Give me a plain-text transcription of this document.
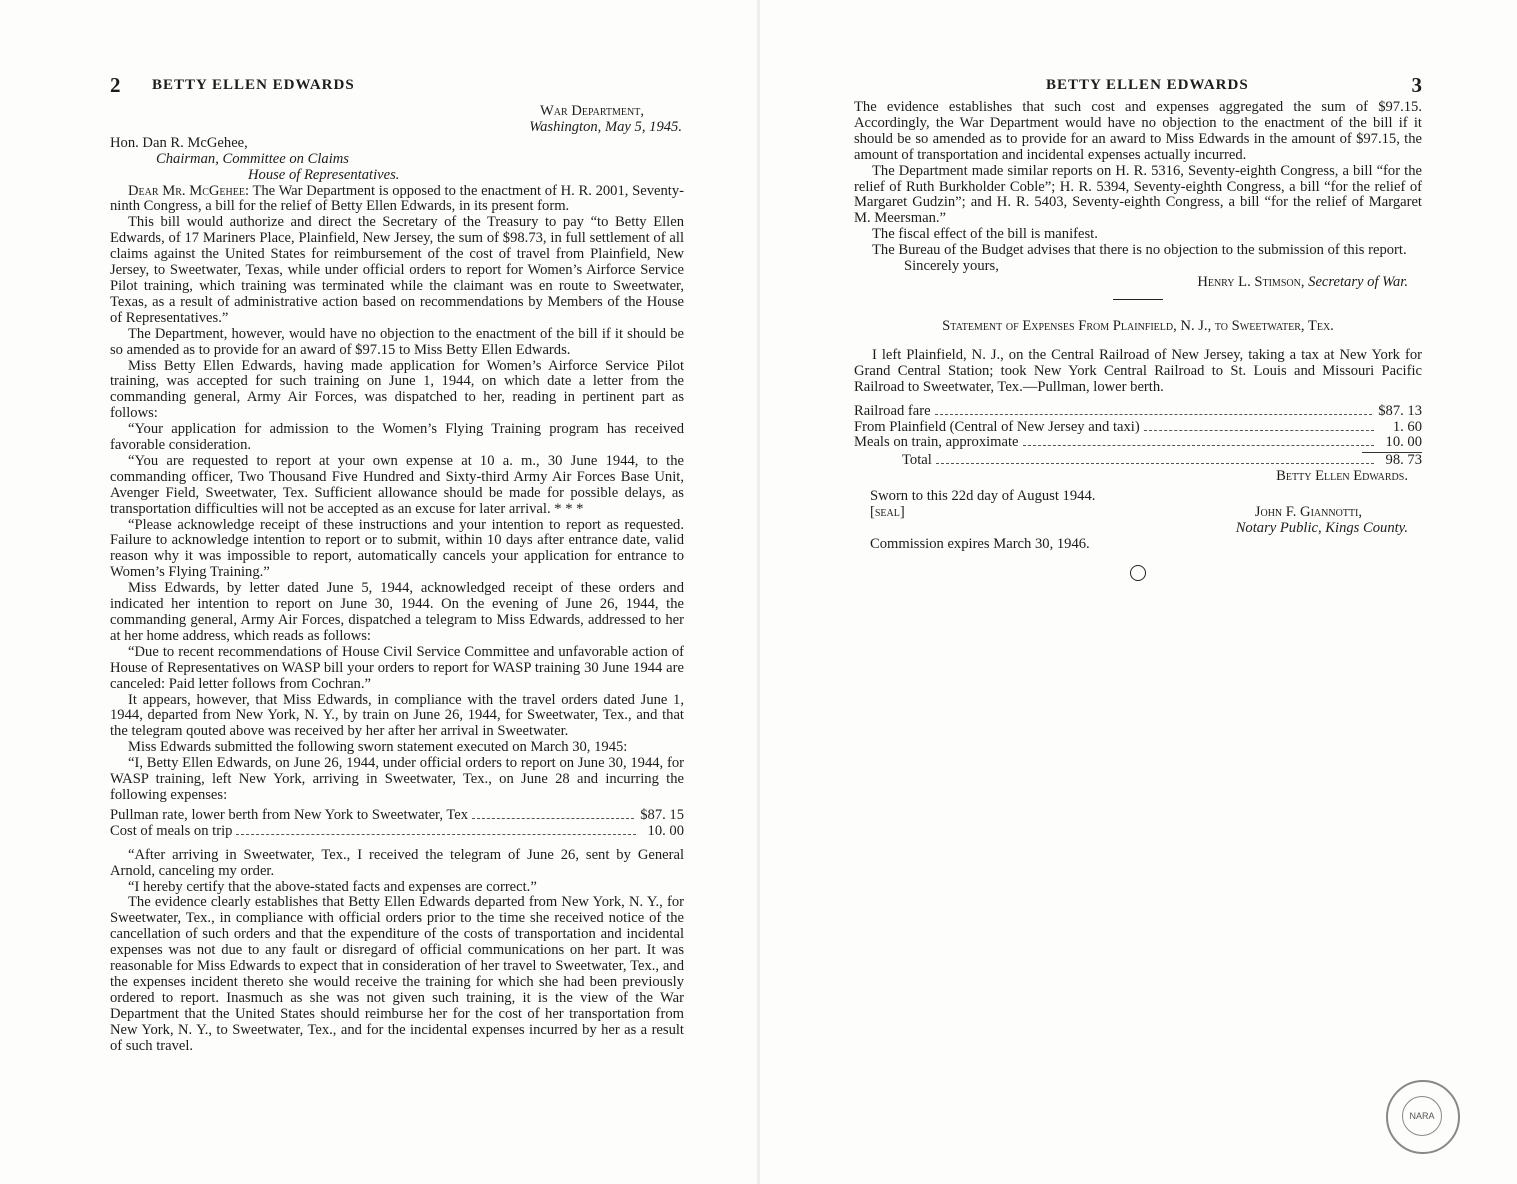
2 BETTY ELLEN EDWARDS

War Department,

Washington, May 5, 1945.

Hon. Dan R. McGehee,

Chairman, Committee on Claims

House of Representatives.

Dear Mr. McGehee: The War Department is opposed to the enactment of H. R. 2001, Seventy-ninth Congress, a bill for the relief of Betty Ellen Edwards, in its present form.

This bill would authorize and direct the Secretary of the Treasury to pay “to Betty Ellen Edwards, of 17 Mariners Place, Plainfield, New Jersey, the sum of $98.73, in full settlement of all claims against the United States for reimbursement of the cost of travel from Plainfield, New Jersey, to Sweetwater, Texas, while under official orders to report for Women’s Airforce Service Pilot training, which training was terminated while the claimant was en route to Sweetwater, Texas, as a result of administrative action based on recommendations by Members of the House of Representatives.”

The Department, however, would have no objection to the enactment of the bill if it should be so amended as to provide for an award of $97.15 to Miss Betty Ellen Edwards.

Miss Betty Ellen Edwards, having made application for Women’s Airforce Service Pilot training, was accepted for such training on June 1, 1944, on which date a letter from the commanding general, Army Air Forces, was dispatched to her, reading in pertinent part as follows:

“Your application for admission to the Women’s Flying Training program has received favorable consideration.

“You are requested to report at your own expense at 10 a. m., 30 June 1944, to the commanding officer, Two Thousand Five Hundred and Sixty-third Army Air Forces Base Unit, Avenger Field, Sweetwater, Tex. Sufficient allowance should be made for possible delays, as transportation difficulties will not be accepted as an excuse for later arrival. * * *

“Please acknowledge receipt of these instructions and your intention to report as requested. Failure to acknowledge intention to report or to submit, within 10 days after entrance date, valid reason why it was impossible to report, automatically cancels your application for entrance to Women’s Flying Training.”

Miss Edwards, by letter dated June 5, 1944, acknowledged receipt of these orders and indicated her intention to report on June 30, 1944. On the evening of June 26, 1944, the commanding general, Army Air Forces, dispatched a telegram to Miss Edwards, addressed to her at her home address, which reads as follows:

“Due to recent recommendations of House Civil Service Committee and unfavorable action of House of Representatives on WASP bill your orders to report for WASP training 30 June 1944 are canceled: Paid letter follows from Cochran.”

It appears, however, that Miss Edwards, in compliance with the travel orders dated June 1, 1944, departed from New York, N. Y., by train on June 26, 1944, for Sweetwater, Tex., and that the telegram qouted above was received by her after her arrival in Sweetwater.

Miss Edwards submitted the following sworn statement executed on March 30, 1945:

“I, Betty Ellen Edwards, on June 26, 1944, under official orders to report on June 30, 1944, for WASP training, left New York, arriving in Sweetwater, Tex., on June 28 and incurring the following expenses:

Pullman rate, lower berth from New York to Sweetwater, Tex	$87. 15
Cost of meals on trip	10. 00

“After arriving in Sweetwater, Tex., I received the telegram of June 26, sent by General Arnold, canceling my order.

“I hereby certify that the above-stated facts and expenses are correct.”

The evidence clearly establishes that Betty Ellen Edwards departed from New York, N. Y., for Sweetwater, Tex., in compliance with official orders prior to the time she received notice of the cancellation of such orders and that the expenditure of the costs of transportation and incidental expenses was not due to any fault or disregard of official communications on her part. It was reasonable for Miss Edwards to expect that in consideration of her travel to Sweetwater, Tex., and the expenses incident thereto she would receive the training for which she had been previously ordered to report. Inasmuch as she was not given such training, it is the view of the War Department that the United States should reimburse her for the cost of her transportation from New York, N. Y., to Sweetwater, Tex., and for the incidental expenses incurred by her as a result of such travel.

BETTY ELLEN EDWARDS	3

The evidence establishes that such cost and expenses aggregated the sum of $97.15. Accordingly, the War Department would have no objection to the enactment of the bill if it should be so amended as to provide for an award to Miss Edwards in the amount of $97.15, the amount of transportation and incidental expenses actually incurred.

The Department made similar reports on H. R. 5316, Seventy-eighth Congress, a bill “for the relief of Ruth Burkholder Coble”; H. R. 5394, Seventy-eighth Congress, a bill “for the relief of Margaret Gudzin”; and H. R. 5403, Seventy-eighth Congress, a bill “for the relief of Margaret M. Meersman.”

The fiscal effect of the bill is manifest.

The Bureau of the Budget advises that there is no objection to the submission of this report.

Sincerely yours,

Henry L. Stimson, Secretary of War.

Statement of Expenses From Plainfield, N. J., to Sweetwater, Tex.

I left Plainfield, N. J., on the Central Railroad of New Jersey, taking a tax at New York for Grand Central Station; took New York Central Railroad to St. Louis and Missouri Pacific Railroad to Sweetwater, Tex.—Pullman, lower berth.

Railroad fare	$87. 13
From Plainfield (Central of New Jersey and taxi)	1. 60
Meals on train, approximate	10. 00
Total	98. 73

Betty Ellen Edwards.

Sworn to this 22d day of August 1944.
[seal]	John F. Giannotti,

Notary Public, Kings County.

Commission expires March 30, 1946.

NARA
